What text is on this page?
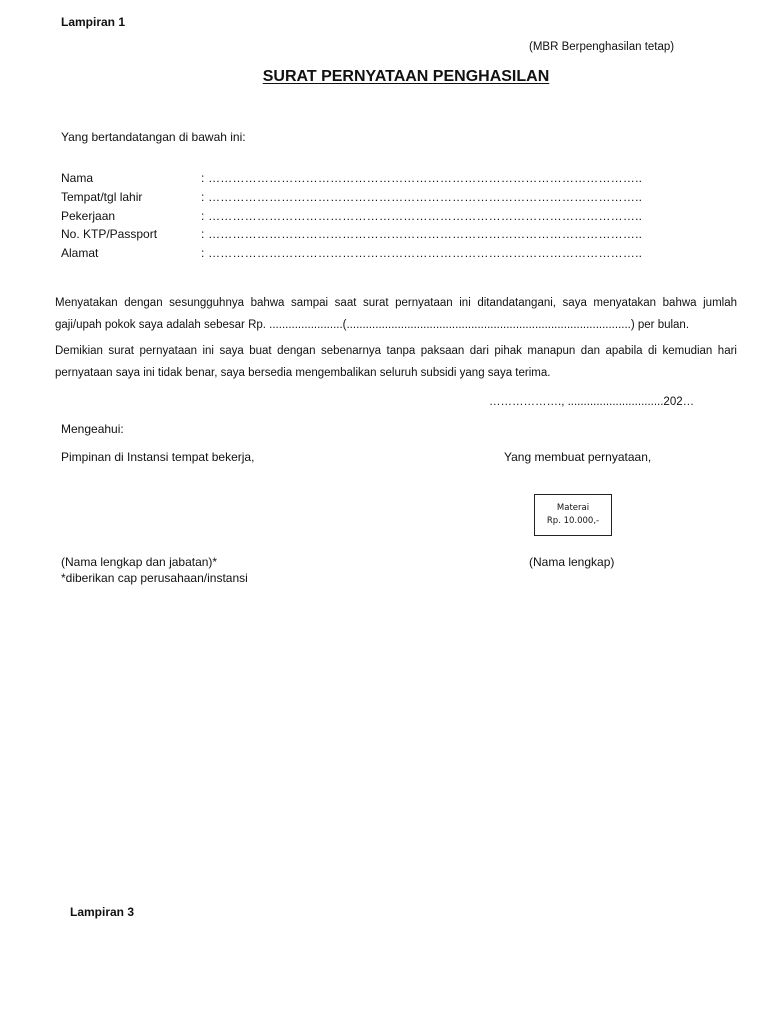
Lampiran 1
(MBR Berpenghasilan tetap)
SURAT PERNYATAAN PENGHASILAN
Yang bertandatangan di bawah ini:
Nama	: ……………………………………………………………………………………………..
Tempat/tgl lahir	: ……………………………………………………………………………………………..
Pekerjaan	: ……………………………………………………………………………………………..
No. KTP/Passport	: ……………………………………………………………………………………………..
Alamat	: ……………………………………………………………………………………………..
Menyatakan dengan sesungguhnya bahwa sampai saat surat pernyataan ini ditandatangani, saya menyatakan bahwa jumlah
gaji/upah pokok saya adalah sebesar Rp. .......................(.........................................................................................) per bulan.
Demikian surat pernyataan ini saya buat dengan sebenarnya tanpa paksaan dari pihak manapun dan apabila di kemudian hari
pernyataan saya ini tidak benar, saya bersedia mengembalikan seluruh subsidi yang saya terima.
………………., ..............................202…
Mengeahui:
Pimpinan di Instansi tempat bekerja,	Yang membuat pernyataan,
Materai
Rp. 10.000,-
(Nama lengkap dan jabatan)*
*diberikan cap perusahaan/instansi
(Nama lengkap)
Lampiran 3
